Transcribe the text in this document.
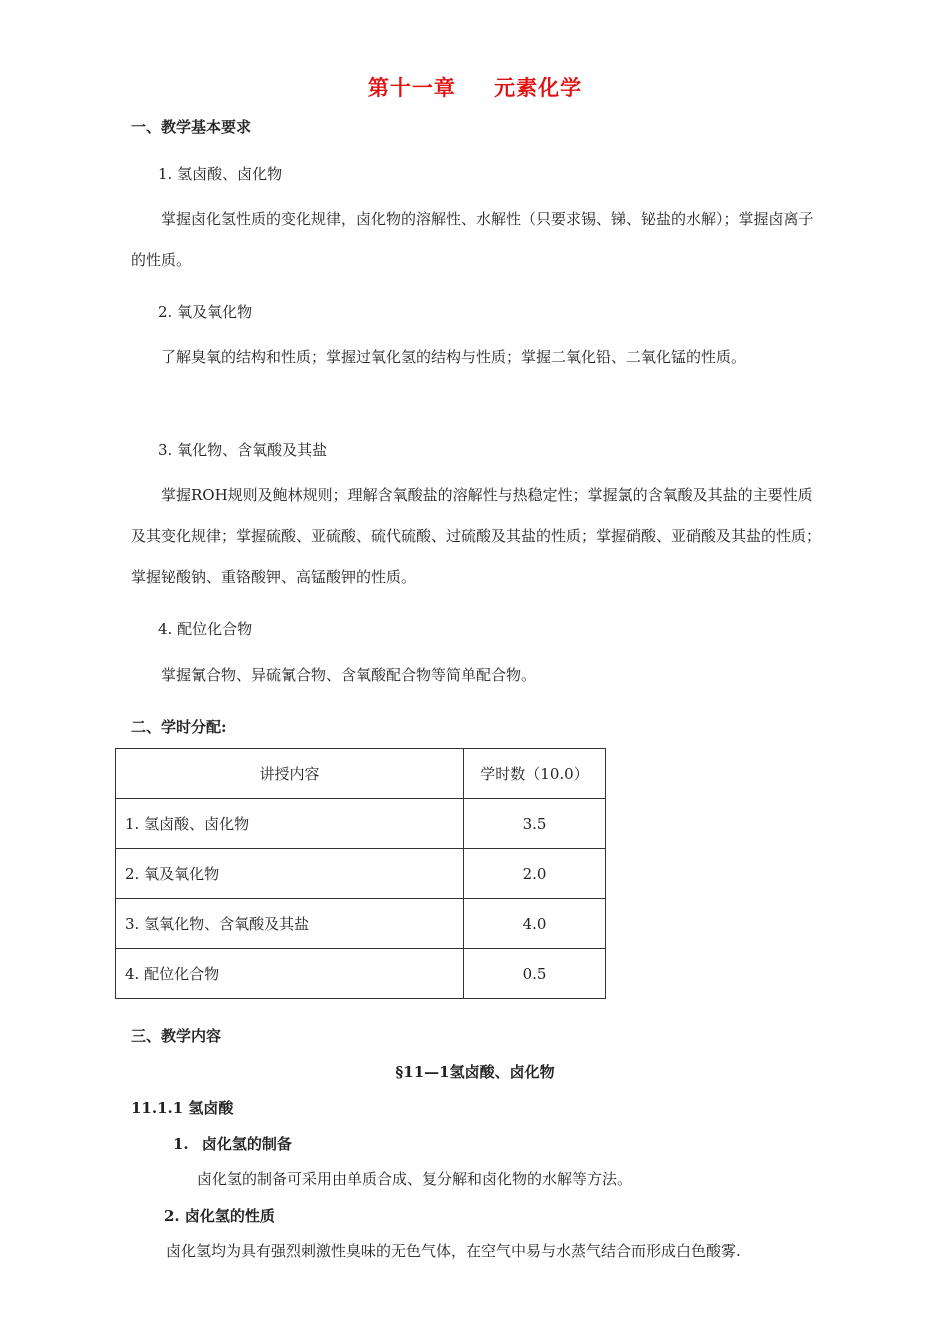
第十一章 元素化学
一、教学基本要求
1. 氢卤酸、卤化物
掌握卤化氢性质的变化规律，卤化物的溶解性、水解性（只要求锡、锑、铋盐的水解）；掌握卤离子的性质。
2. 氧及氧化物
了解臭氧的结构和性质；掌握过氧化氢的结构与性质；掌握二氧化铅、二氧化锰的性质。
3. 氧化物、含氧酸及其盐
掌握ROH规则及鲍林规则；理解含氧酸盐的溶解性与热稳定性；掌握氯的含氧酸及其盐的主要性质及其变化规律；掌握硫酸、亚硫酸、硫代硫酸、过硫酸及其盐的性质；掌握硝酸、亚硝酸及其盐的性质；掌握铋酸钠、重铬酸钾、高锰酸钾的性质。
4. 配位化合物
掌握氰合物、异硫氰合物、含氧酸配合物等简单配合物。
二、学时分配:
讲授内容	学时数（10.0）
1. 氢卤酸、卤化物	3.5
2. 氧及氧化物	2.0
3. 氢氧化物、含氧酸及其盐	4.0
4. 配位化合物	0.5
三、教学内容
§11—1氢卤酸、卤化物
11.1.1 氢卤酸
1. 卤化氢的制备
卤化氢的制备可采用由单质合成、复分解和卤化物的水解等方法。
2. 卤化氢的性质
卤化氢均为具有强烈刺激性臭味的无色气体，在空气中易与水蒸气结合而形成白色酸雾.
